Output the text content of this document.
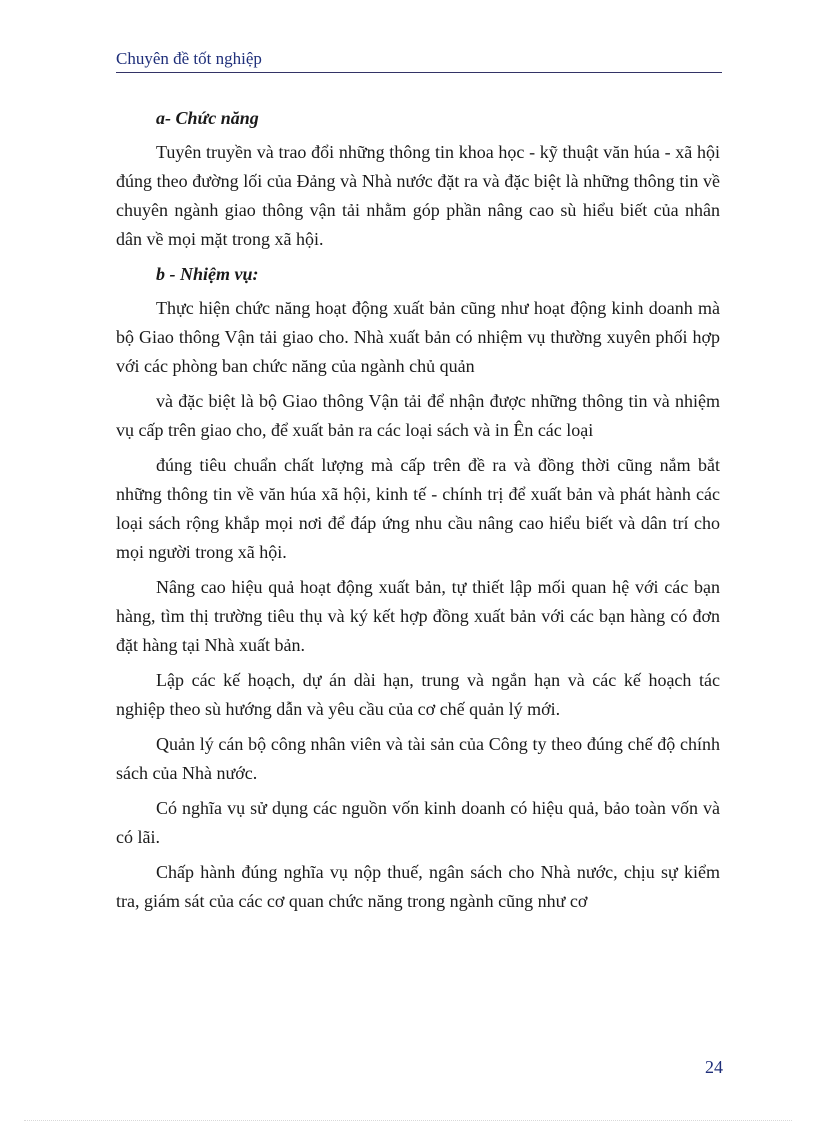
Chuyên đề tốt nghiệp
a- Chức năng

Tuyên truyền và trao đổi những thông tin khoa học - kỹ thuật văn húa - xã hội đúng theo đường lối của Đảng và Nhà nước đặt ra và đặc biệt là những thông tin về chuyên ngành giao thông vận tải nhằm góp phần nâng cao sù hiểu biết của nhân dân về mọi mặt trong xã hội.

b - Nhiệm vụ:

Thực hiện chức năng hoạt động xuất bản cũng như hoạt động kinh doanh mà bộ Giao thông Vận tải giao cho. Nhà xuất bản có nhiệm vụ thường xuyên phối hợp với các phòng ban chức năng của ngành chủ quản

và đặc biệt là bộ Giao thông Vận tải để nhận được những thông tin và nhiệm vụ cấp trên giao cho, để xuất bản ra các loại sách và in Ên các loại

đúng tiêu chuẩn chất lượng mà cấp trên đề ra và đồng thời cũng nắm bắt những thông tin về văn húa xã hội, kinh tế - chính trị để xuất bản và phát hành các loại sách rộng khắp mọi nơi để đáp ứng nhu cầu nâng cao hiểu biết và dân trí cho mọi người trong xã hội.

Nâng cao hiệu quả hoạt động xuất bản, tự thiết lập mối quan hệ với các bạn hàng, tìm thị trường tiêu thụ và ký kết hợp đồng xuất bản với các bạn hàng có đơn đặt hàng tại Nhà xuất bản.

Lập các kế hoạch, dự án dài hạn, trung và ngắn hạn và các kế hoạch tác nghiệp theo sù hướng dẫn và yêu cầu của cơ chế quản lý mới.

Quản lý cán bộ công nhân viên và tài sản của Công ty theo đúng chế độ chính sách của Nhà nước.

Có nghĩa vụ sử dụng các nguồn vốn kinh doanh có hiệu quả, bảo toàn vốn và có lãi.

Chấp hành đúng nghĩa vụ nộp thuế, ngân sách cho Nhà nước, chịu sự kiểm tra, giám sát của các cơ quan chức năng trong ngành cũng như cơ

24
